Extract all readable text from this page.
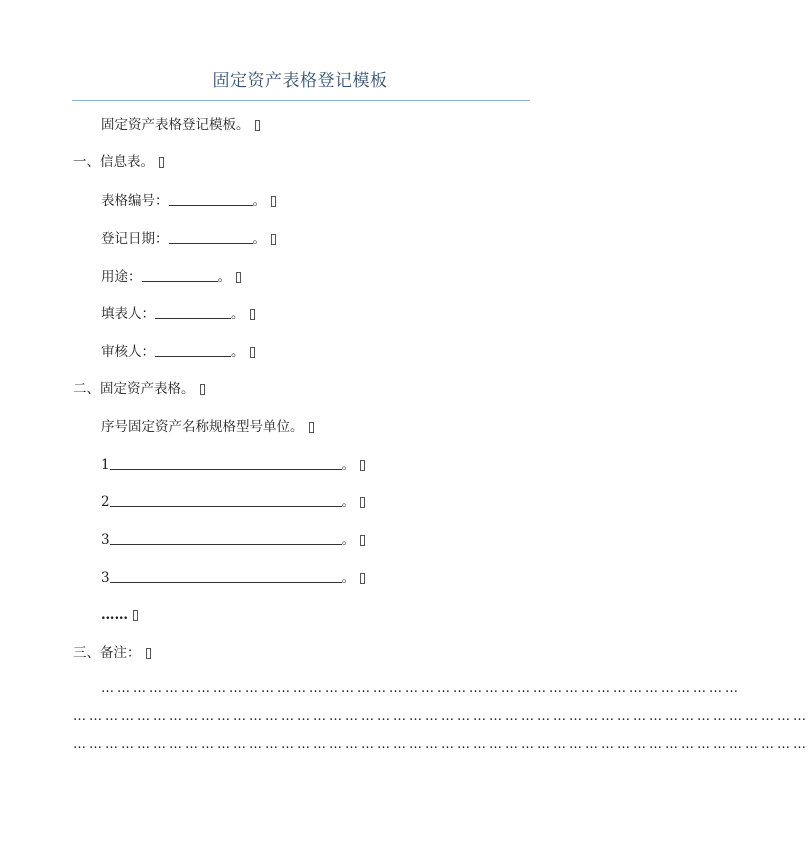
固定资产表格登记模板
固定资产表格登记模板。
一、信息表。
表格编号：	。
登记日期：	。
用途：	。
填表人：	。
审核人：	。
二、固定资产表格。
序号固定资产名称规格型号单位。
1	。
2	。
3	。
3	。
……
三、备注：
…………………………………………………………………………………………………………
…………………………………………………………………………………………………………………………
…………………………………………………………………………………………………………………………
